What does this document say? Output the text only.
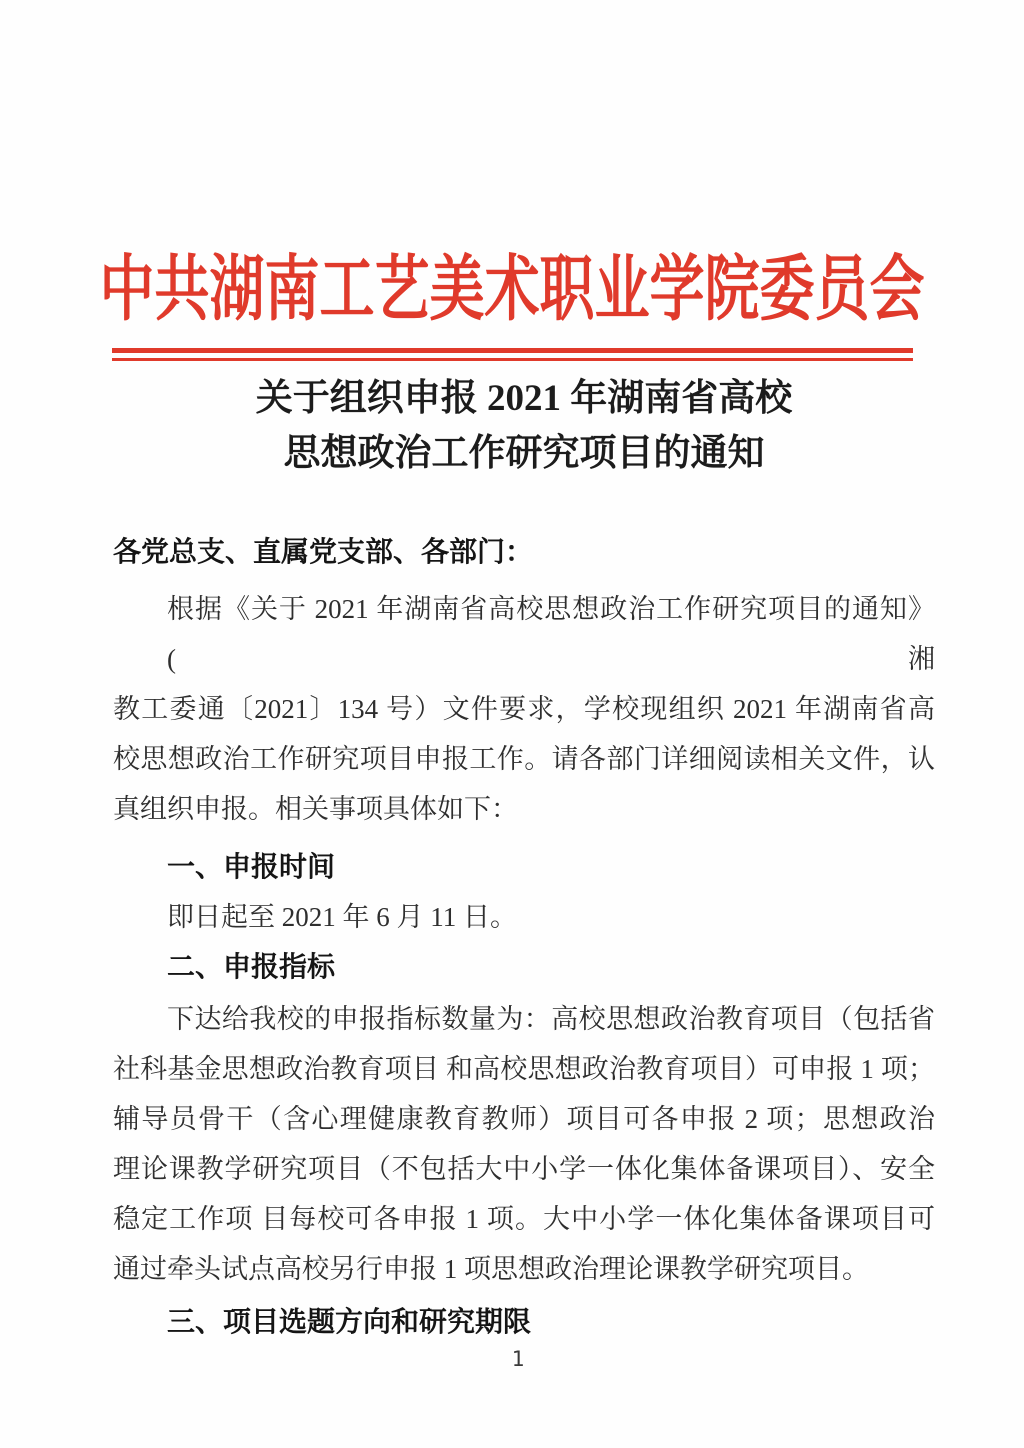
中共湖南工艺美术职业学院委员会
关于组织申报 2021 年湖南省高校
思想政治工作研究项目的通知
各党总支、直属党支部、各部门：
根据《关于 2021 年湖南省高校思想政治工作研究项目的通知》(湘
教工委通〔2021〕134 号）文件要求，学校现组织 2021 年湖南省高
校思想政治工作研究项目申报工作。请各部门详细阅读相关文件，认
真组织申报。相关事项具体如下：
一、申报时间
即日起至 2021 年 6 月 11 日。
二、申报指标
下达给我校的申报指标数量为：高校思想政治教育项目（包括省
社科基金思想政治教育项目 和高校思想政治教育项目）可申报 1 项；
辅导员骨干（含心理健康教育教师）项目可各申报 2 项；思想政治
理论课教学研究项目（不包括大中小学一体化集体备课项目）、安全
稳定工作项 目每校可各申报 1 项。大中小学一体化集体备课项目可
通过牵头试点高校另行申报 1 项思想政治理论课教学研究项目。
三、项目选题方向和研究期限
1
